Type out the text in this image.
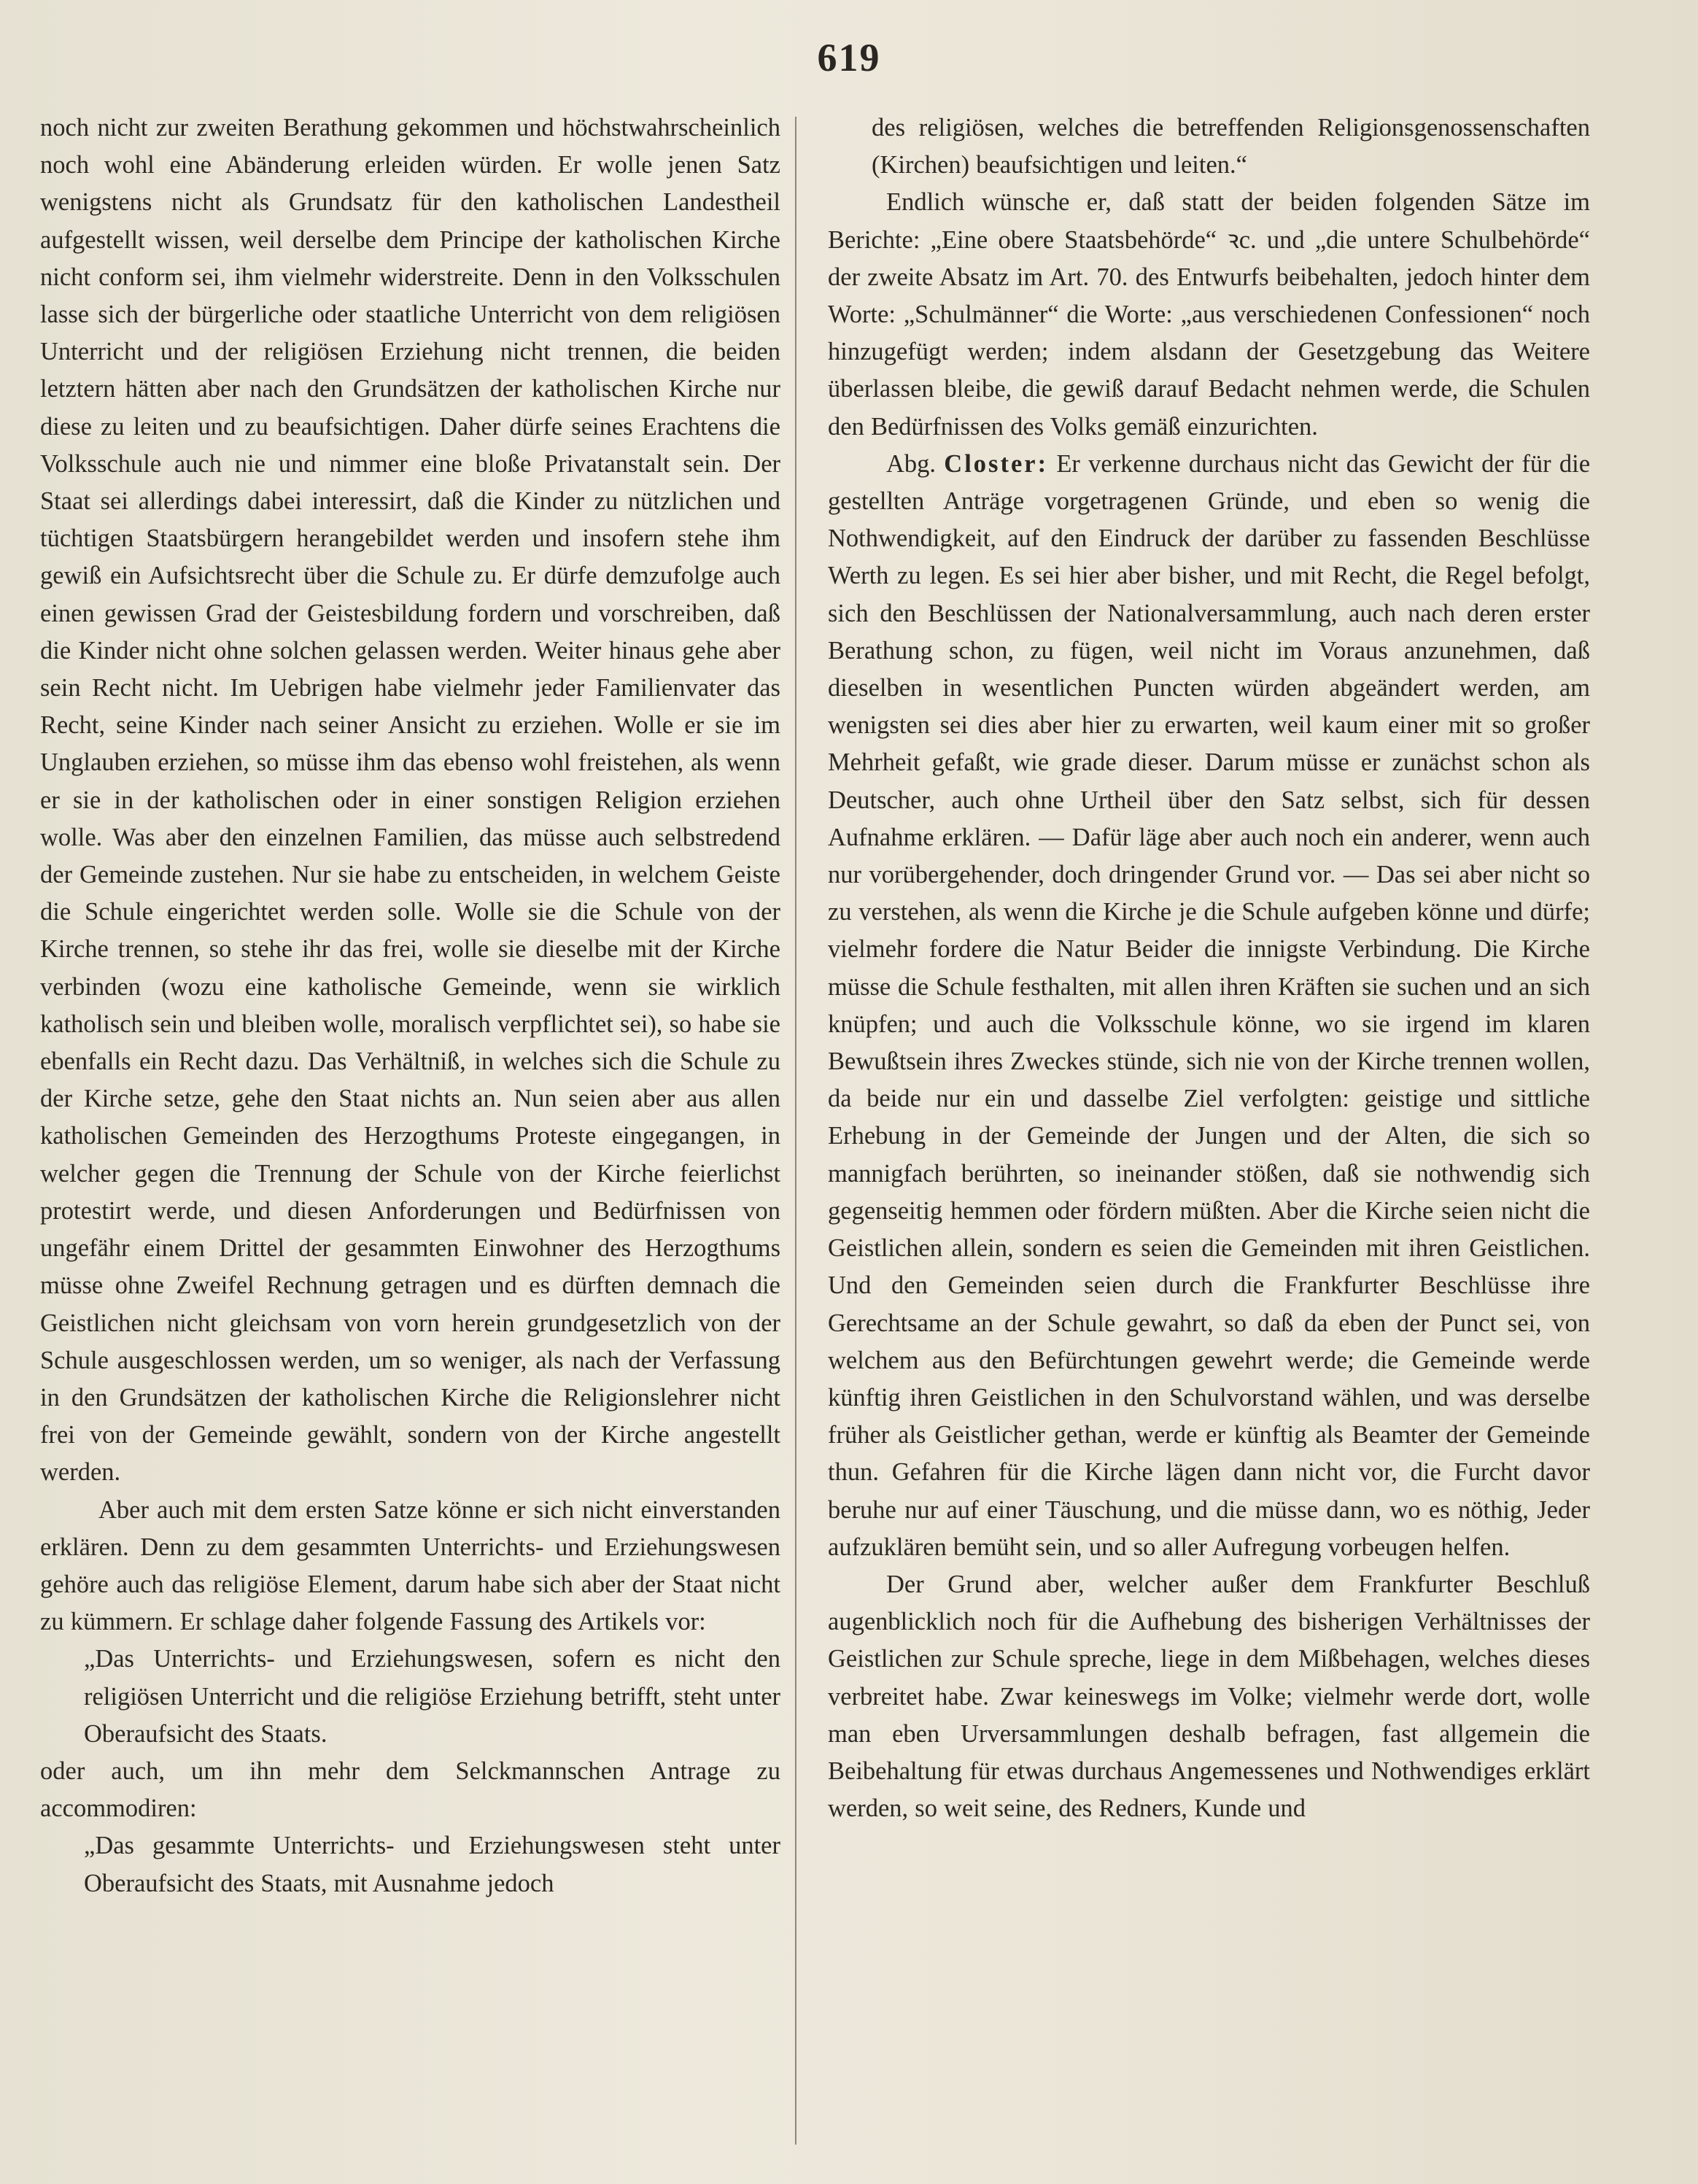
619

noch nicht zur zweiten Berathung gekommen und höchstwahrscheinlich noch wohl eine Abänderung erleiden würden. Er wolle jenen Satz wenigstens nicht als Grundsatz für den katholischen Landestheil aufgestellt wissen, weil derselbe dem Principe der katholischen Kirche nicht conform sei, ihm vielmehr widerstreite. Denn in den Volksschulen lasse sich der bürgerliche oder staatliche Unterricht von dem religiösen Unterricht und der religiösen Erziehung nicht trennen, die beiden letztern hätten aber nach den Grundsätzen der katholischen Kirche nur diese zu leiten und zu beaufsichtigen. Daher dürfe seines Erachtens die Volksschule auch nie und nimmer eine bloße Privatanstalt sein. Der Staat sei allerdings dabei interessirt, daß die Kinder zu nützlichen und tüchtigen Staatsbürgern herangebildet werden und insofern stehe ihm gewiß ein Aufsichtsrecht über die Schule zu. Er dürfe demzufolge auch einen gewissen Grad der Geistesbildung fordern und vorschreiben, daß die Kinder nicht ohne solchen gelassen werden. Weiter hinaus gehe aber sein Recht nicht. Im Uebrigen habe vielmehr jeder Familienvater das Recht, seine Kinder nach seiner Ansicht zu erziehen. Wolle er sie im Unglauben erziehen, so müsse ihm das ebenso wohl freistehen, als wenn er sie in der katholischen oder in einer sonstigen Religion erziehen wolle. Was aber den einzelnen Familien, das müsse auch selbstredend der Gemeinde zustehen. Nur sie habe zu entscheiden, in welchem Geiste die Schule eingerichtet werden solle. Wolle sie die Schule von der Kirche trennen, so stehe ihr das frei, wolle sie dieselbe mit der Kirche verbinden (wozu eine katholische Gemeinde, wenn sie wirklich katholisch sein und bleiben wolle, moralisch verpflichtet sei), so habe sie ebenfalls ein Recht dazu. Das Verhältniß, in welches sich die Schule zu der Kirche setze, gehe den Staat nichts an. Nun seien aber aus allen katholischen Gemeinden des Herzogthums Proteste eingegangen, in welcher gegen die Trennung der Schule von der Kirche feierlichst protestirt werde, und diesen Anforderungen und Bedürfnissen von ungefähr einem Drittel der gesammten Einwohner des Herzogthums müsse ohne Zweifel Rechnung getragen und es dürften demnach die Geistlichen nicht gleichsam von vorn herein grundgesetzlich von der Schule ausgeschlossen werden, um so weniger, als nach der Verfassung in den Grundsätzen der katholischen Kirche die Religionslehrer nicht frei von der Gemeinde gewählt, sondern von der Kirche angestellt werden.

Aber auch mit dem ersten Satze könne er sich nicht einverstanden erklären. Denn zu dem gesammten Unterrichts- und Erziehungswesen gehöre auch das religiöse Element, darum habe sich aber der Staat nicht zu kümmern. Er schlage daher folgende Fassung des Artikels vor:

„Das Unterrichts- und Erziehungswesen, sofern es nicht den religiösen Unterricht und die religiöse Erziehung betrifft, steht unter Oberaufsicht des Staats.

oder auch, um ihn mehr dem Selckmannschen Antrage zu accommodiren:

„Das gesammte Unterrichts- und Erziehungswesen steht unter Oberaufsicht des Staats, mit Ausnahme jedoch

des religiösen, welches die betreffenden Religionsgenossenschaften (Kirchen) beaufsichtigen und leiten.“

Endlich wünsche er, daß statt der beiden folgenden Sätze im Berichte: „Eine obere Staatsbehörde“ ꝛc. und „die untere Schulbehörde“ der zweite Absatz im Art. 70. des Entwurfs beibehalten, jedoch hinter dem Worte: „Schulmänner“ die Worte: „aus verschiedenen Confessionen“ noch hinzugefügt werden; indem alsdann der Gesetzgebung das Weitere überlassen bleibe, die gewiß darauf Bedacht nehmen werde, die Schulen den Bedürfnissen des Volks gemäß einzurichten.

Abg. Closter: Er verkenne durchaus nicht das Gewicht der für die gestellten Anträge vorgetragenen Gründe, und eben so wenig die Nothwendigkeit, auf den Eindruck der darüber zu fassenden Beschlüsse Werth zu legen. Es sei hier aber bisher, und mit Recht, die Regel befolgt, sich den Beschlüssen der Nationalversammlung, auch nach deren erster Berathung schon, zu fügen, weil nicht im Voraus anzunehmen, daß dieselben in wesentlichen Puncten würden abgeändert werden, am wenigsten sei dies aber hier zu erwarten, weil kaum einer mit so großer Mehrheit gefaßt, wie grade dieser. Darum müsse er zunächst schon als Deutscher, auch ohne Urtheil über den Satz selbst, sich für dessen Aufnahme erklären. — Dafür läge aber auch noch ein anderer, wenn auch nur vorübergehender, doch dringender Grund vor. — Das sei aber nicht so zu verstehen, als wenn die Kirche je die Schule aufgeben könne und dürfe; vielmehr fordere die Natur Beider die innigste Verbindung. Die Kirche müsse die Schule festhalten, mit allen ihren Kräften sie suchen und an sich knüpfen; und auch die Volksschule könne, wo sie irgend im klaren Bewußtsein ihres Zweckes stünde, sich nie von der Kirche trennen wollen, da beide nur ein und dasselbe Ziel verfolgten: geistige und sittliche Erhebung in der Gemeinde der Jungen und der Alten, die sich so mannigfach berührten, so ineinander stößen, daß sie nothwendig sich gegenseitig hemmen oder fördern müßten. Aber die Kirche seien nicht die Geistlichen allein, sondern es seien die Gemeinden mit ihren Geistlichen. Und den Gemeinden seien durch die Frankfurter Beschlüsse ihre Gerechtsame an der Schule gewahrt, so daß da eben der Punct sei, von welchem aus den Befürchtungen gewehrt werde; die Gemeinde werde künftig ihren Geistlichen in den Schulvorstand wählen, und was derselbe früher als Geistlicher gethan, werde er künftig als Beamter der Gemeinde thun. Gefahren für die Kirche lägen dann nicht vor, die Furcht davor beruhe nur auf einer Täuschung, und die müsse dann, wo es nöthig, Jeder aufzuklären bemüht sein, und so aller Aufregung vorbeugen helfen.

Der Grund aber, welcher außer dem Frankfurter Beschluß augenblicklich noch für die Aufhebung des bisherigen Verhältnisses der Geistlichen zur Schule spreche, liege in dem Mißbehagen, welches dieses verbreitet habe. Zwar keineswegs im Volke; vielmehr werde dort, wolle man eben Urversammlungen deshalb befragen, fast allgemein die Beibehaltung für etwas durchaus Angemessenes und Nothwendiges erklärt werden, so weit seine, des Redners, Kunde und
